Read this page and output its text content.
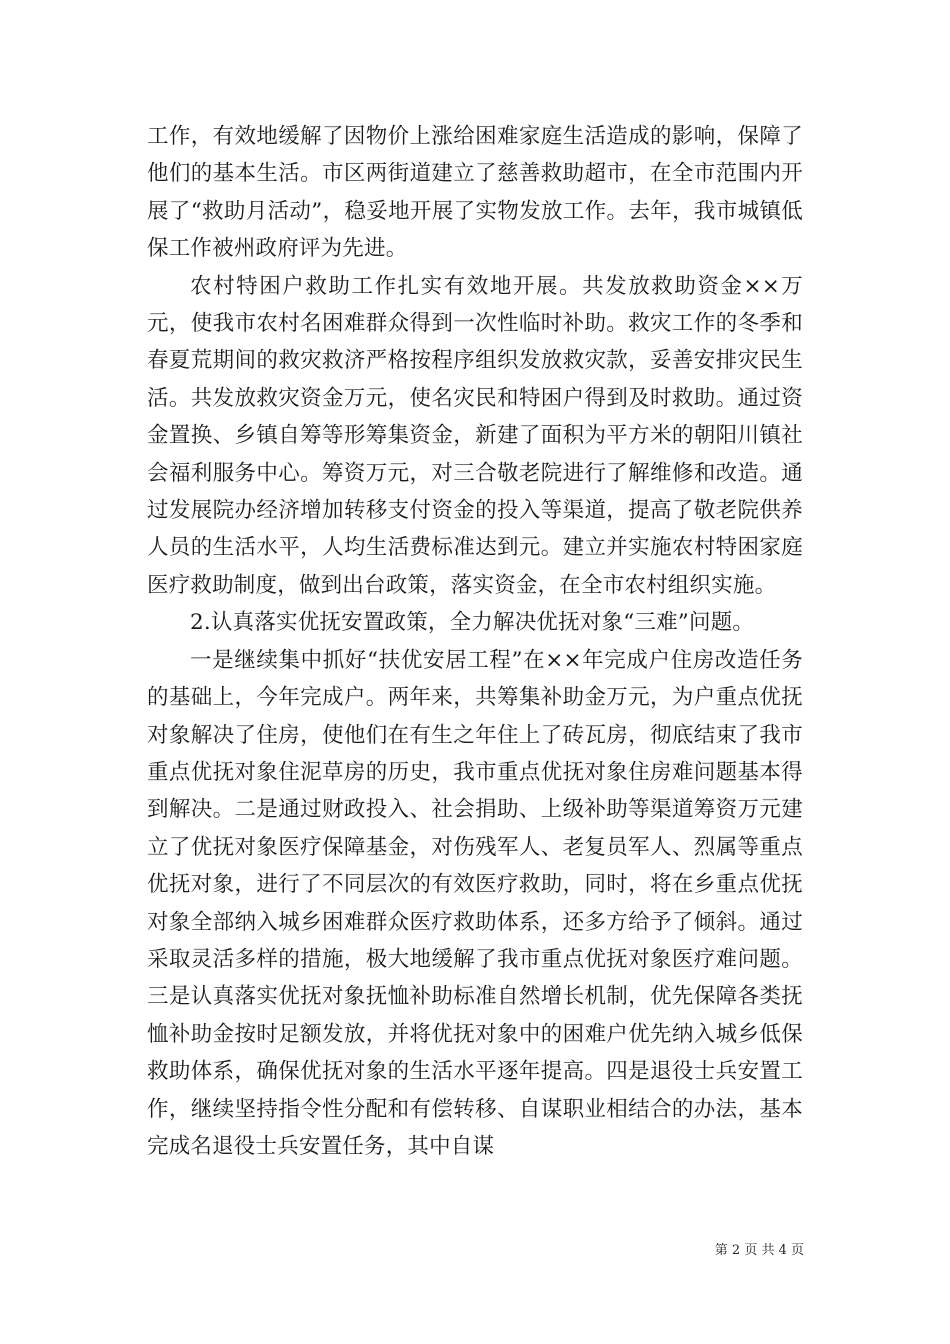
工作，有效地缓解了因物价上涨给困难家庭生活造成的影响，保障了他们的基本生活。市区两街道建立了慈善救助超市，在全市范围内开展了“救助月活动”，稳妥地开展了实物发放工作。去年，我市城镇低保工作被州政府评为先进。

农村特困户救助工作扎实有效地开展。共发放救助资金××万元，使我市农村名困难群众得到一次性临时补助。救灾工作的冬季和春夏荒期间的救灾救济严格按程序组织发放救灾款，妥善安排灾民生活。共发放救灾资金万元，使名灾民和特困户得到及时救助。通过资金置换、乡镇自筹等形筹集资金，新建了面积为平方米的朝阳川镇社会福利服务中心。筹资万元，对三合敬老院进行了解维修和改造。通过发展院办经济增加转移支付资金的投入等渠道，提高了敬老院供养人员的生活水平，人均生活费标准达到元。建立并实施农村特困家庭医疗救助制度，做到出台政策，落实资金，在全市农村组织实施。

2.认真落实优抚安置政策，全力解决优抚对象“三难”问题。

一是继续集中抓好“扶优安居工程”在××年完成户住房改造任务的基础上，今年完成户。两年来，共筹集补助金万元，为户重点优抚对象解决了住房，使他们在有生之年住上了砖瓦房，彻底结束了我市重点优抚对象住泥草房的历史，我市重点优抚对象住房难问题基本得到解决。二是通过财政投入、社会捐助、上级补助等渠道筹资万元建立了优抚对象医疗保障基金，对伤残军人、老复员军人、烈属等重点优抚对象，进行了不同层次的有效医疗救助，同时，将在乡重点优抚对象全部纳入城乡困难群众医疗救助体系，还多方给予了倾斜。通过采取灵活多样的措施，极大地缓解了我市重点优抚对象医疗难问题。三是认真落实优抚对象抚恤补助标准自然增长机制，优先保障各类抚恤补助金按时足额发放，并将优抚对象中的困难户优先纳入城乡低保救助体系，确保优抚对象的生活水平逐年提高。四是退役士兵安置工作，继续坚持指令性分配和有偿转移、自谋职业相结合的办法，基本完成名退役士兵安置任务，其中自谋

第 2 页 共 4 页
